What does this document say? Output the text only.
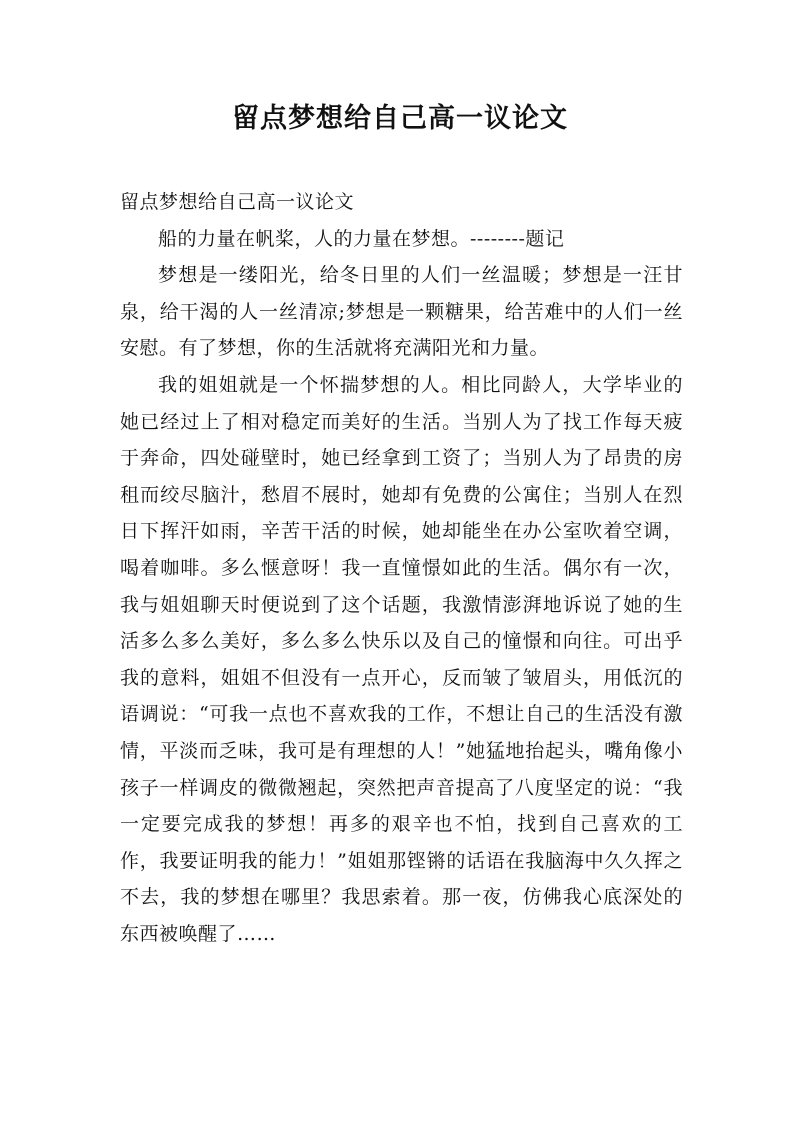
留点梦想给自己高一议论文

留点梦想给自己高一议论文

船的力量在帆桨，人的力量在梦想。--------题记

梦想是一缕阳光，给冬日里的人们一丝温暖；梦想是一汪甘泉，给干渴的人一丝清凉;梦想是一颗糖果，给苦难中的人们一丝安慰。有了梦想，你的生活就将充满阳光和力量。

我的姐姐就是一个怀揣梦想的人。相比同龄人，大学毕业的她已经过上了相对稳定而美好的生活。当别人为了找工作每天疲于奔命，四处碰壁时，她已经拿到工资了；当别人为了昂贵的房租而绞尽脑汁，愁眉不展时，她却有免费的公寓住；当别人在烈日下挥汗如雨，辛苦干活的时候，她却能坐在办公室吹着空调，喝着咖啡。多么惬意呀！我一直憧憬如此的生活。偶尔有一次，我与姐姐聊天时便说到了这个话题，我激情澎湃地诉说了她的生活多么多么美好，多么多么快乐以及自己的憧憬和向往。可出乎我的意料，姐姐不但没有一点开心，反而皱了皱眉头，用低沉的语调说：“可我一点也不喜欢我的工作，不想让自己的生活没有激情，平淡而乏味，我可是有理想的人！”她猛地抬起头，嘴角像小孩子一样调皮的微微翘起，突然把声音提高了八度坚定的说：“我一定要完成我的梦想！再多的艰辛也不怕，找到自己喜欢的工作，我要证明我的能力！”姐姐那铿锵的话语在我脑海中久久挥之不去，我的梦想在哪里？我思索着。那一夜，仿佛我心底深处的东西被唤醒了……
